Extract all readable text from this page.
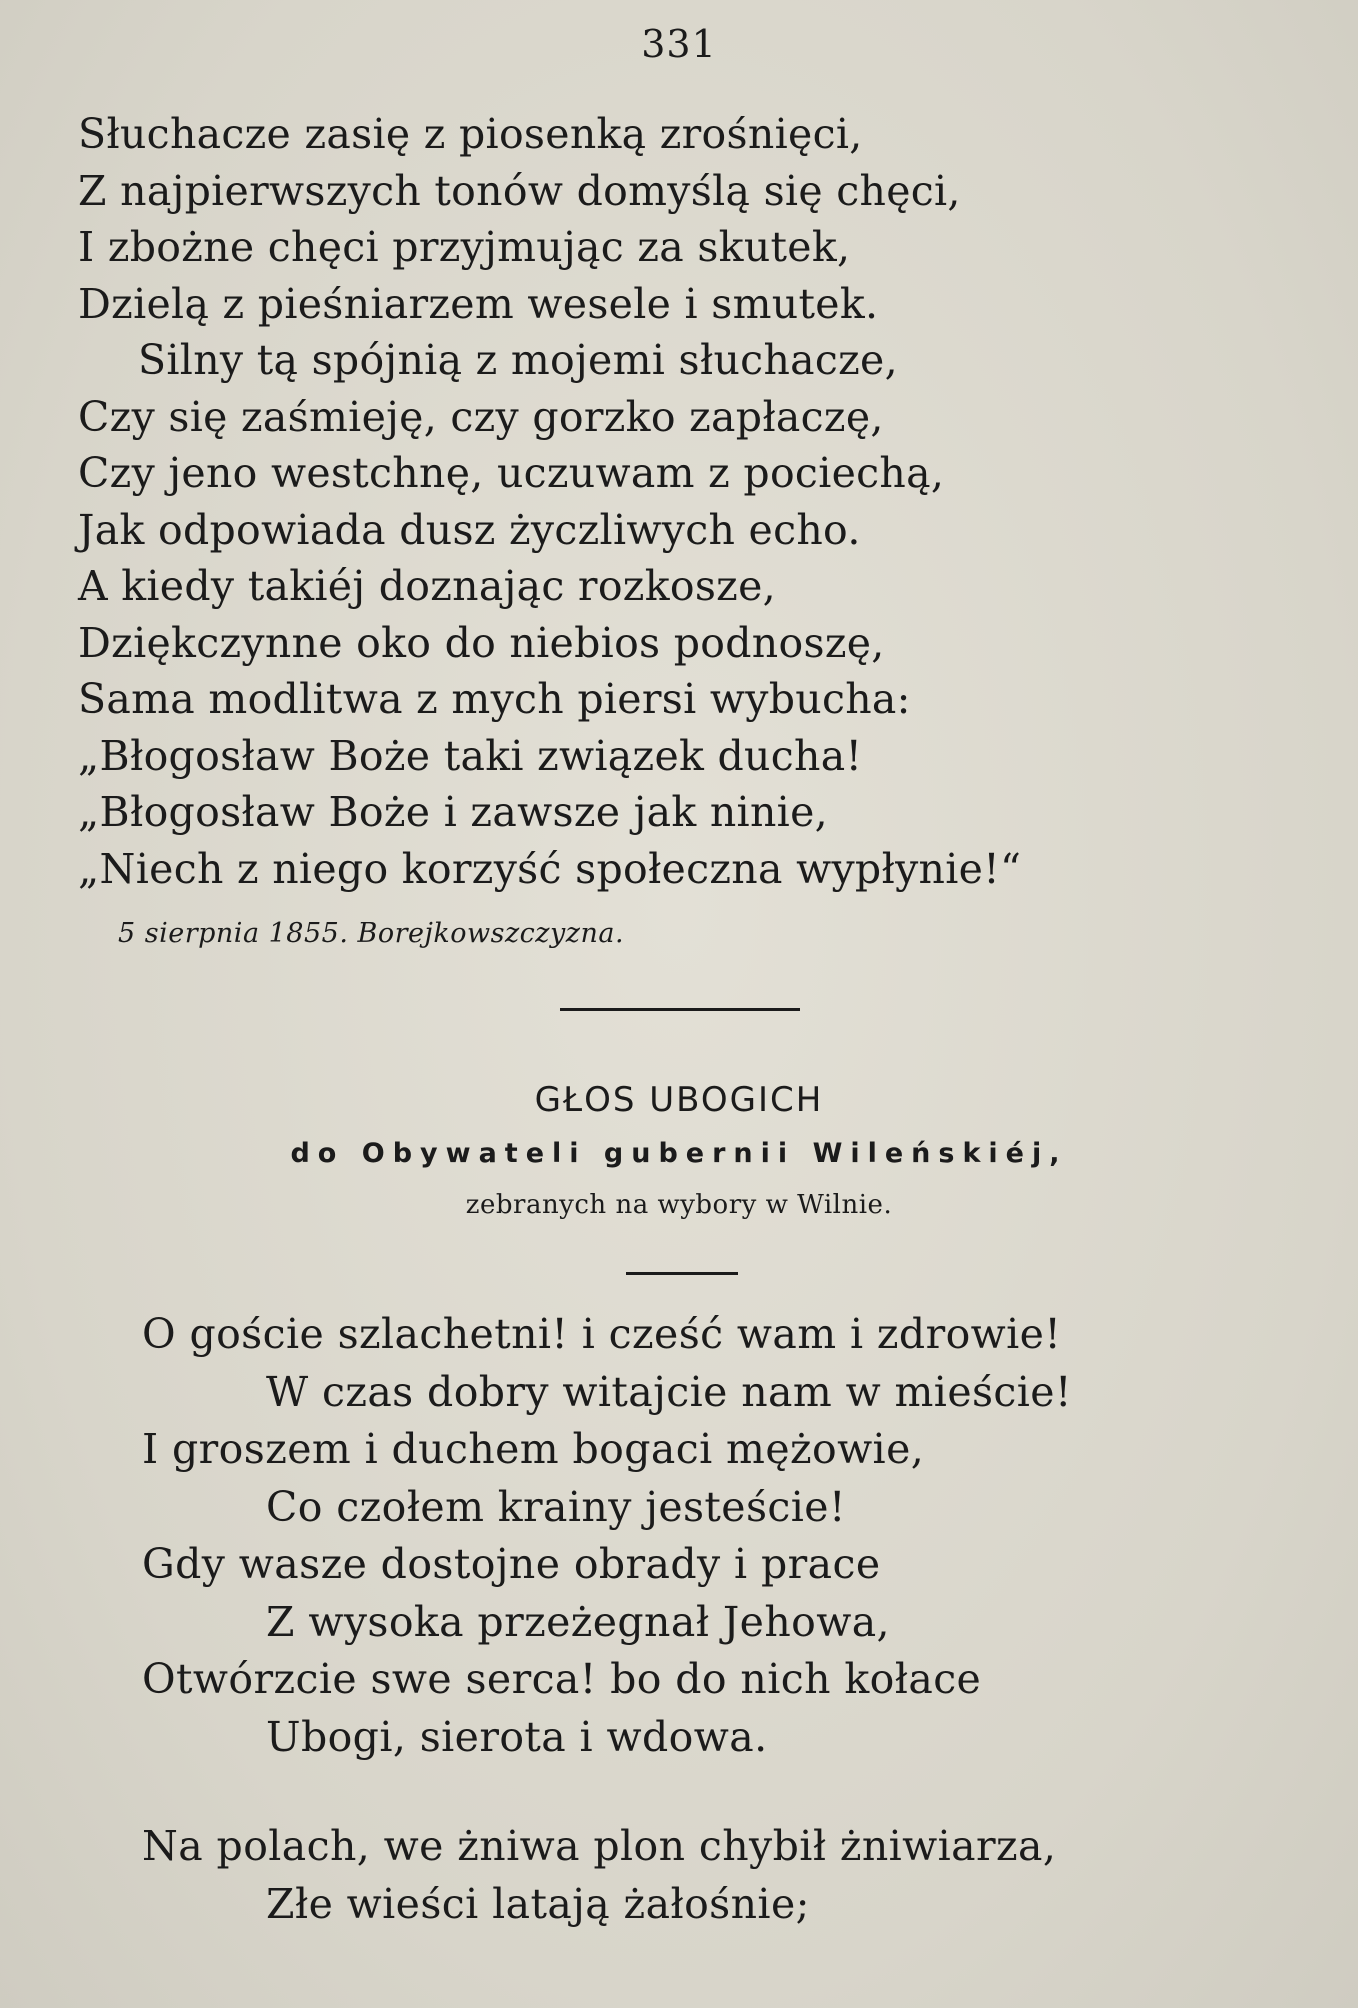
331
Słuchacze zasię z piosenką zrośnięci,
Z najpierwszych tonów domyślą się chęci,
I zbożne chęci przyjmując za skutek,
Dzielą z pieśniarzem wesele i smutek.
Silny tą spójnią z mojemi słuchacze,
Czy się zaśmieję, czy gorzko zapłaczę,
Czy jeno westchnę, uczuwam z pociechą,
Jak odpowiada dusz życzliwych echo.
A kiedy takiéj doznając rozkosze,
Dziękczynne oko do niebios podnoszę,
Sama modlitwa z mych piersi wybucha:
„Błogosław Boże taki związek ducha!
„Błogosław Boże i zawsze jak ninie,
„Niech z niego korzyść społeczna wypłynie!“
5 sierpnia 1855. Borejkowszczyzna.
GŁOS UBOGICH
do Obywateli gubernii Wileńskiéj,
zebranych na wybory w Wilnie.
O goście szlachetni! i cześć wam i zdrowie!
W czas dobry witajcie nam w mieście!
I groszem i duchem bogaci mężowie,
Co czołem krainy jesteście!
Gdy wasze dostojne obrady i prace
Z wysoka przeżegnał Jehowa,
Otwórzcie swe serca! bo do nich kołace
Ubogi, sierota i wdowa.
Na polach, we żniwa plon chybił żniwiarza,
Złe wieści latają żałośnie;
